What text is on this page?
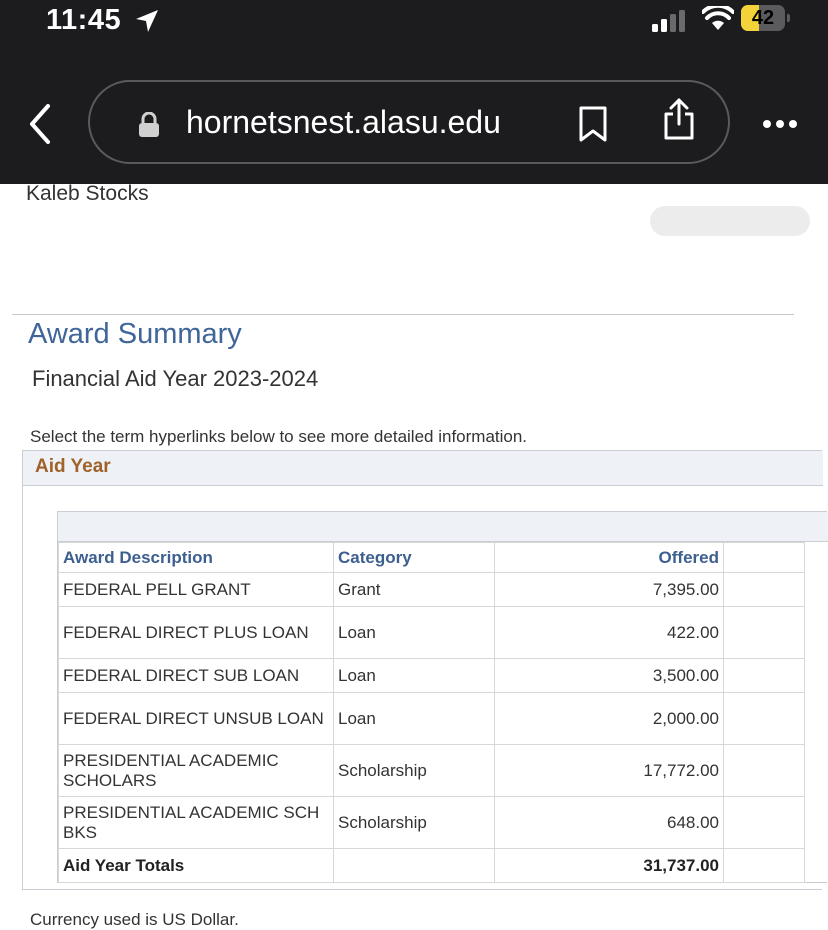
11:45	42
hornetsnest.alasu.edu
Kaleb Stocks
Award Summary
Financial Aid Year 2023-2024
Select the term hyperlinks below to see more detailed information.
Aid Year
Award Description	Category	Offered	
FEDERAL PELL GRANT	Grant	7,395.00	
FEDERAL DIRECT PLUS LOAN	Loan	422.00	
FEDERAL DIRECT SUB LOAN	Loan	3,500.00	
FEDERAL DIRECT UNSUB LOAN	Loan	2,000.00	
PRESIDENTIAL ACADEMIC SCHOLARS	Scholarship	17,772.00	
PRESIDENTIAL ACADEMIC SCH BKS	Scholarship	648.00	
Aid Year Totals		31,737.00	
Currency used is US Dollar.
